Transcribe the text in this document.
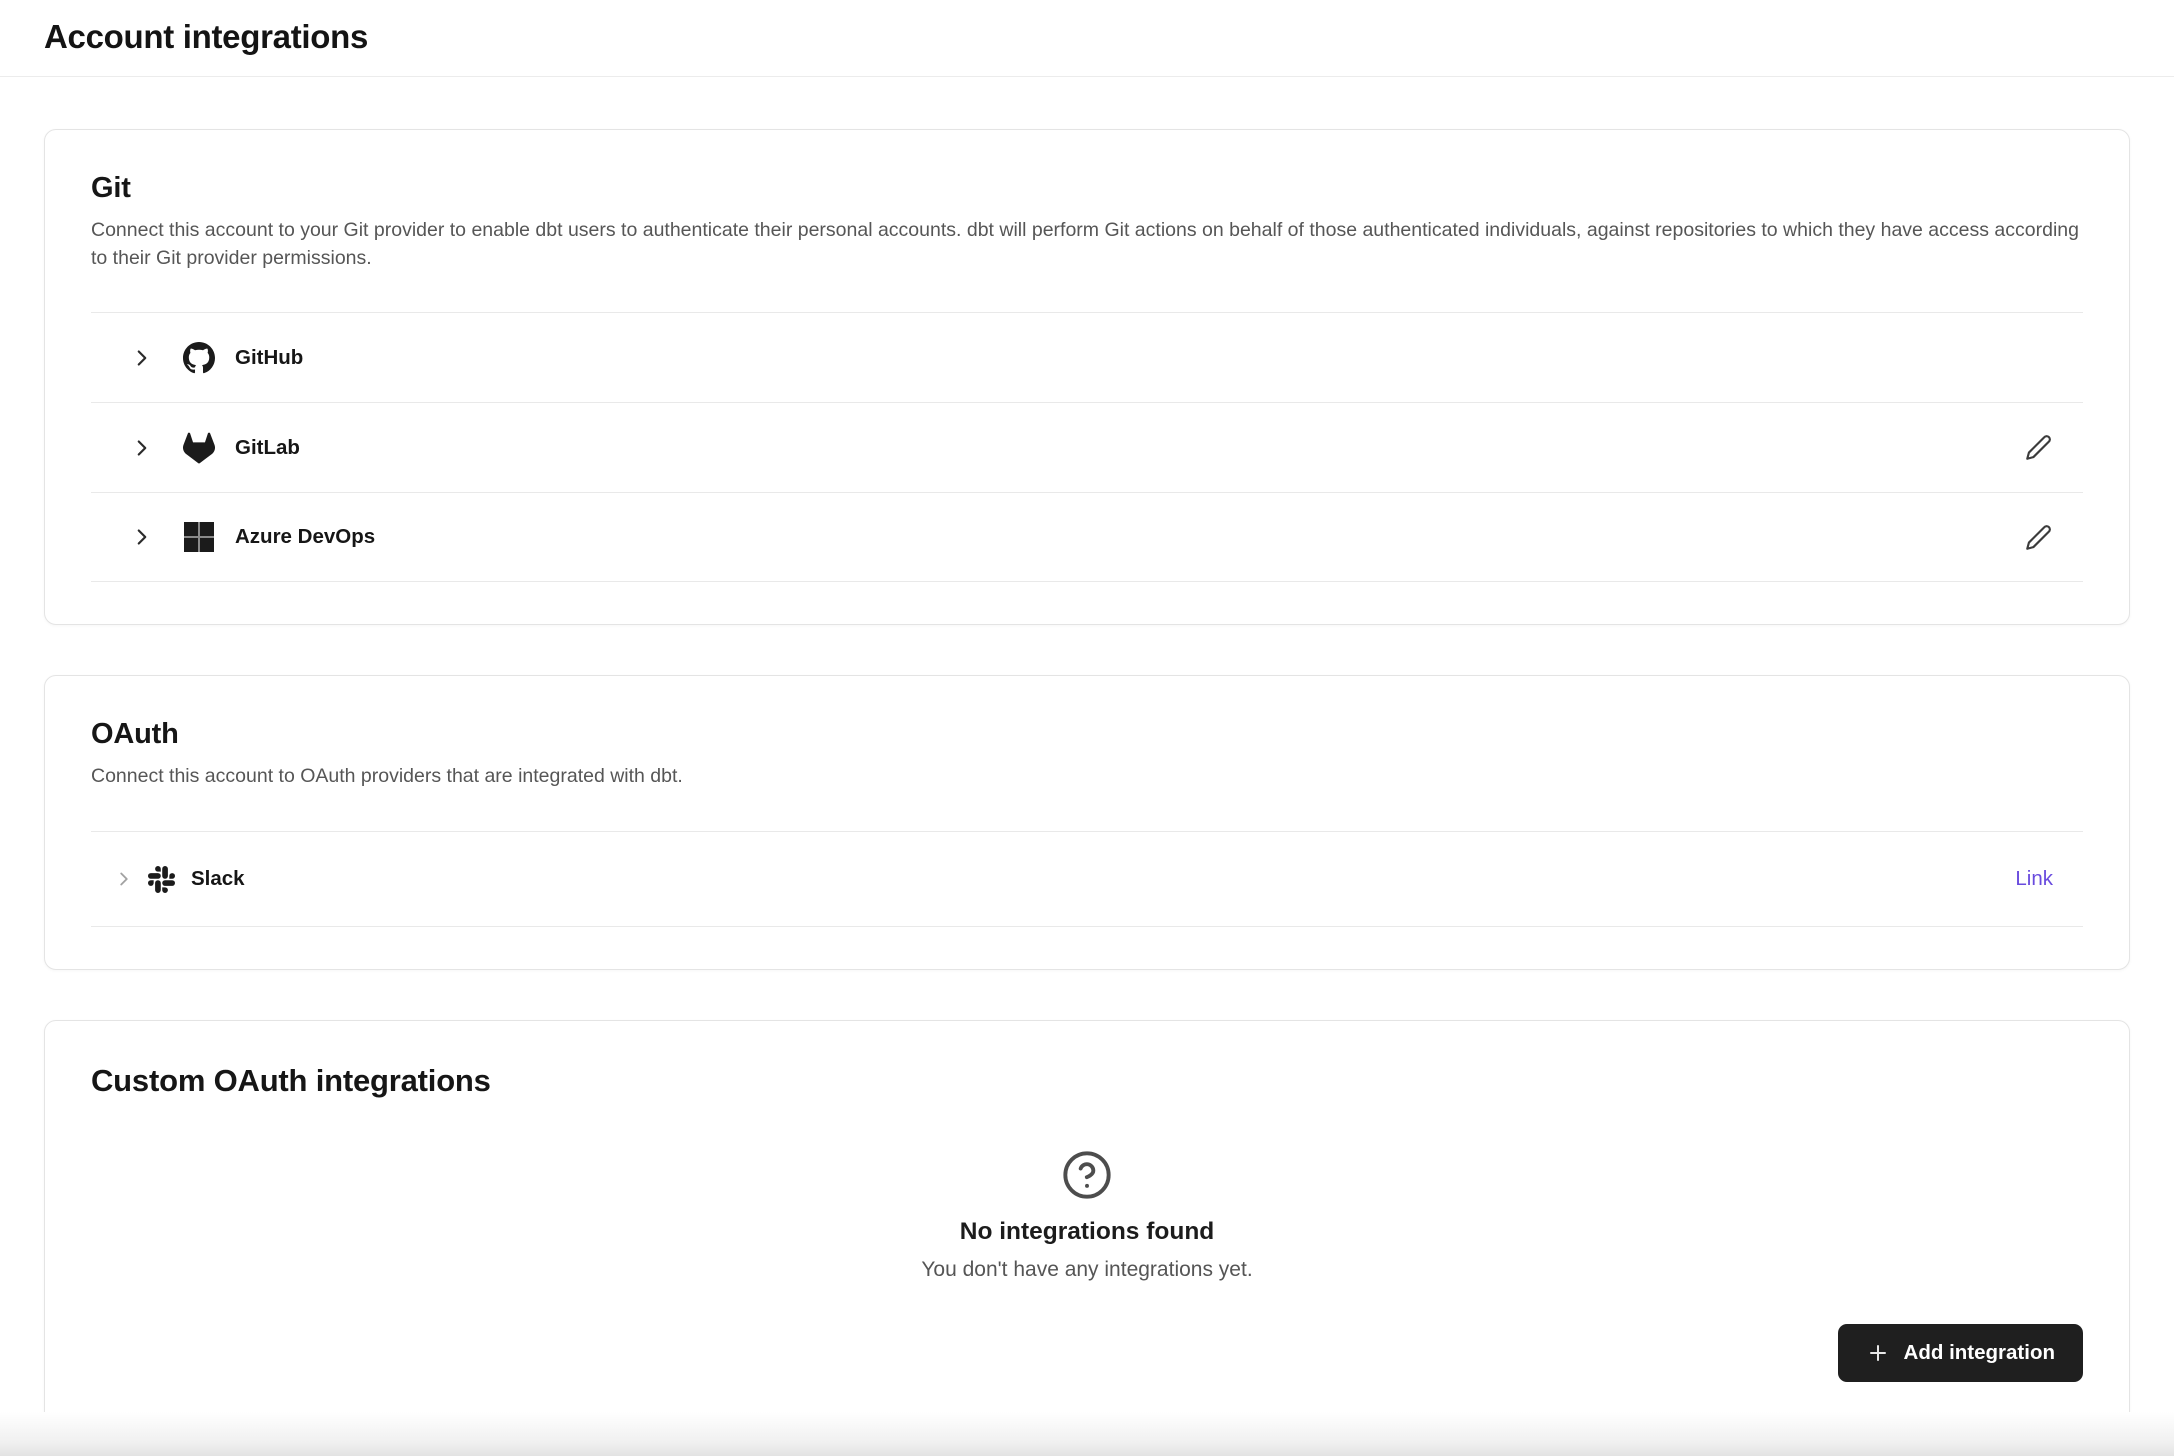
Account integrations
Git

Connect this account to your Git provider to enable dbt users to authenticate their personal accounts. dbt will perform Git actions on behalf of those authenticated individuals, against repositories to which they have access according to their Git provider permissions.

GitHub
GitLab
Azure DevOps
OAuth

Connect this account to OAuth providers that are integrated with dbt.

Slack	Link
Custom OAuth integrations
No integrations found
You don't have any integrations yet.
Add integration
